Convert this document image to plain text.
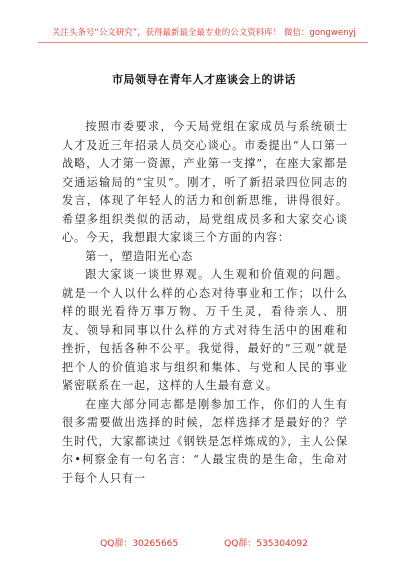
关注头条号“公文研究”，获得最新最全最专业的公文资料库！ 微信：gongwenyj
市局领导在青年人才座谈会上的讲话

按照市委要求，今天局党组在家成员与系统硕士人才及近三年招录人员交心谈心。市委提出“人口第一战略，人才第一资源，产业第一支撑”，在座大家都是交通运输局的“宝贝”。刚才，听了新招录四位同志的发言，体现了年轻人的活力和创新思维，讲得很好。希望多组织类似的活动，局党组成员多和大家交心谈心。今天，我想跟大家谈三个方面的内容：

第一，塑造阳光心态

跟大家谈一谈世界观。人生观和价值观的问题。就是一个人以什么样的心态对待事业和工作；以什么样的眼光看待万事万物、万千生灵，看待亲人、朋友、领导和同事以什么样的方式对待生活中的困难和挫折，包括各种不公平。我觉得，最好的“三观”就是把个人的价值追求与组织和集体、与党和人民的事业紧密联系在一起，这样的人生最有意义。

在座大部分同志都是刚参加工作，你们的人生有很多需要做出选择的时候，怎样选择才是最好的？学生时代，大家都读过《钢铁是怎样炼成的》，主人公保尔•柯察金有一句名言：“人最宝贵的是生命，生命对于每个人只有一

QQ群：30265665	QQ群：535304092
